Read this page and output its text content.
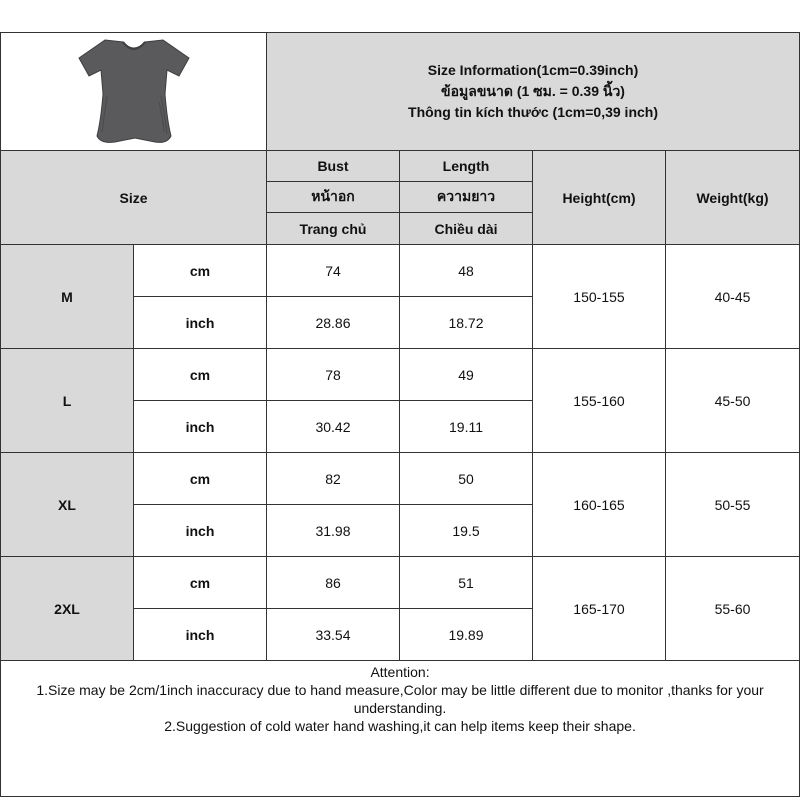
Size Information(1cm=0.39inch)
ข้อมูลขนาด (1 ซม. = 0.39 นิ้ว)
Thông tin kích thước (1cm=0,39 inch)			

Size		Bust	Length	Height(cm)	Weight(kg)
		หน้าอก	ความยาว		
		Trang chủ	Chiều dài		
M	cm	74	48	150-155	40-45
	inch	28.86	18.72		
L	cm	78	49	155-160	45-50
	inch	30.42	19.11		
XL	cm	82	50	160-165	50-55
	inch	31.98	19.5		
2XL	cm	86	51	165-170	55-60
	inch	33.54	19.89		

Attention:
1.Size may be 2cm/1inch inaccuracy due to hand measure,Color may be little different due to monitor ,thanks for your understanding.
2.Suggestion of cold water hand washing,it can help items keep their shape.					
